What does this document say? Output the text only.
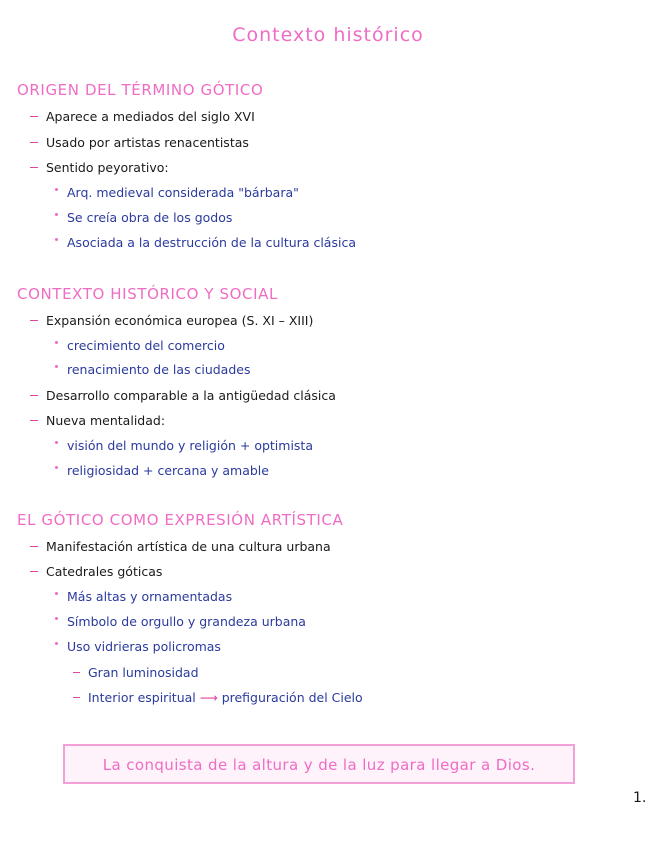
Contexto histórico
ORIGEN DEL TÉRMINO GÓTICO
Aparece a mediados del siglo XVI
Usado por artistas renacentistas
Sentido peyorativo:
Arq. medieval considerada "bárbara"
Se creía obra de los godos
Asociada a la destrucción de la cultura clásica
CONTEXTO HISTÓRICO Y SOCIAL
Expansión económica europea (S. XI – XIII)
crecimiento del comercio
renacimiento de las ciudades
Desarrollo comparable a la antigüedad clásica
Nueva mentalidad:
visión del mundo y religión + optimista
religiosidad + cercana y amable
EL GÓTICO COMO EXPRESIÓN ARTÍSTICA
Manifestación artística de una cultura urbana
Catedrales góticas
Más altas y ornamentadas
Símbolo de orgullo y grandeza urbana
Uso vidrieras policromas
Gran luminosidad
Interior espiritual ⟶ prefiguración del Cielo
La conquista de la altura y de la luz para llegar a Dios.
1.
